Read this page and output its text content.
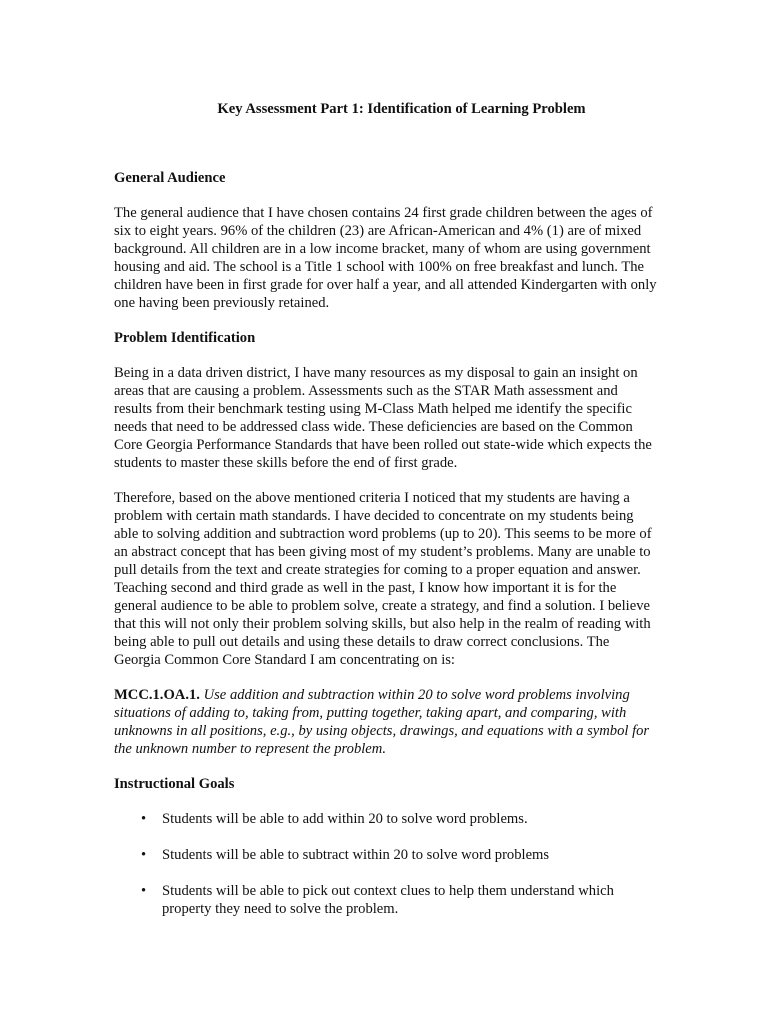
Key Assessment Part 1: Identification of Learning Problem
General Audience

The general audience that I have chosen contains 24 first grade children between the ages of six to eight years. 96% of the children (23) are African-American and 4% (1) are of mixed background. All children are in a low income bracket, many of whom are using government housing and aid. The school is a Title 1 school with 100% on free breakfast and lunch. The children have been in first grade for over half a year, and all attended Kindergarten with only one having been previously retained.

Problem Identification

Being in a data driven district, I have many resources as my disposal to gain an insight on areas that are causing a problem. Assessments such as the STAR Math assessment and results from their benchmark testing using M-Class Math helped me identify the specific needs that need to be addressed class wide. These deficiencies are based on the Common Core Georgia Performance Standards that have been rolled out state-wide which expects the students to master these skills before the end of first grade.

Therefore, based on the above mentioned criteria I noticed that my students are having a problem with certain math standards. I have decided to concentrate on my students being able to solving addition and subtraction word problems (up to 20). This seems to be more of an abstract concept that has been giving most of my student’s problems. Many are unable to pull details from the text and create strategies for coming to a proper equation and answer. Teaching second and third grade as well in the past, I know how important it is for the general audience to be able to problem solve, create a strategy, and find a solution. I believe that this will not only their problem solving skills, but also help in the realm of reading with being able to pull out details and using these details to draw correct conclusions. The Georgia Common Core Standard I am concentrating on is:

MCC.1.OA.1. Use addition and subtraction within 20 to solve word problems involving situations of adding to, taking from, putting together, taking apart, and comparing, with unknowns in all positions, e.g., by using objects, drawings, and equations with a symbol for the unknown number to represent the problem.

Instructional Goals
• Students will be able to add within 20 to solve word problems.
• Students will be able to subtract within 20 to solve word problems
• Students will be able to pick out context clues to help them understand which property they need to solve the problem.
